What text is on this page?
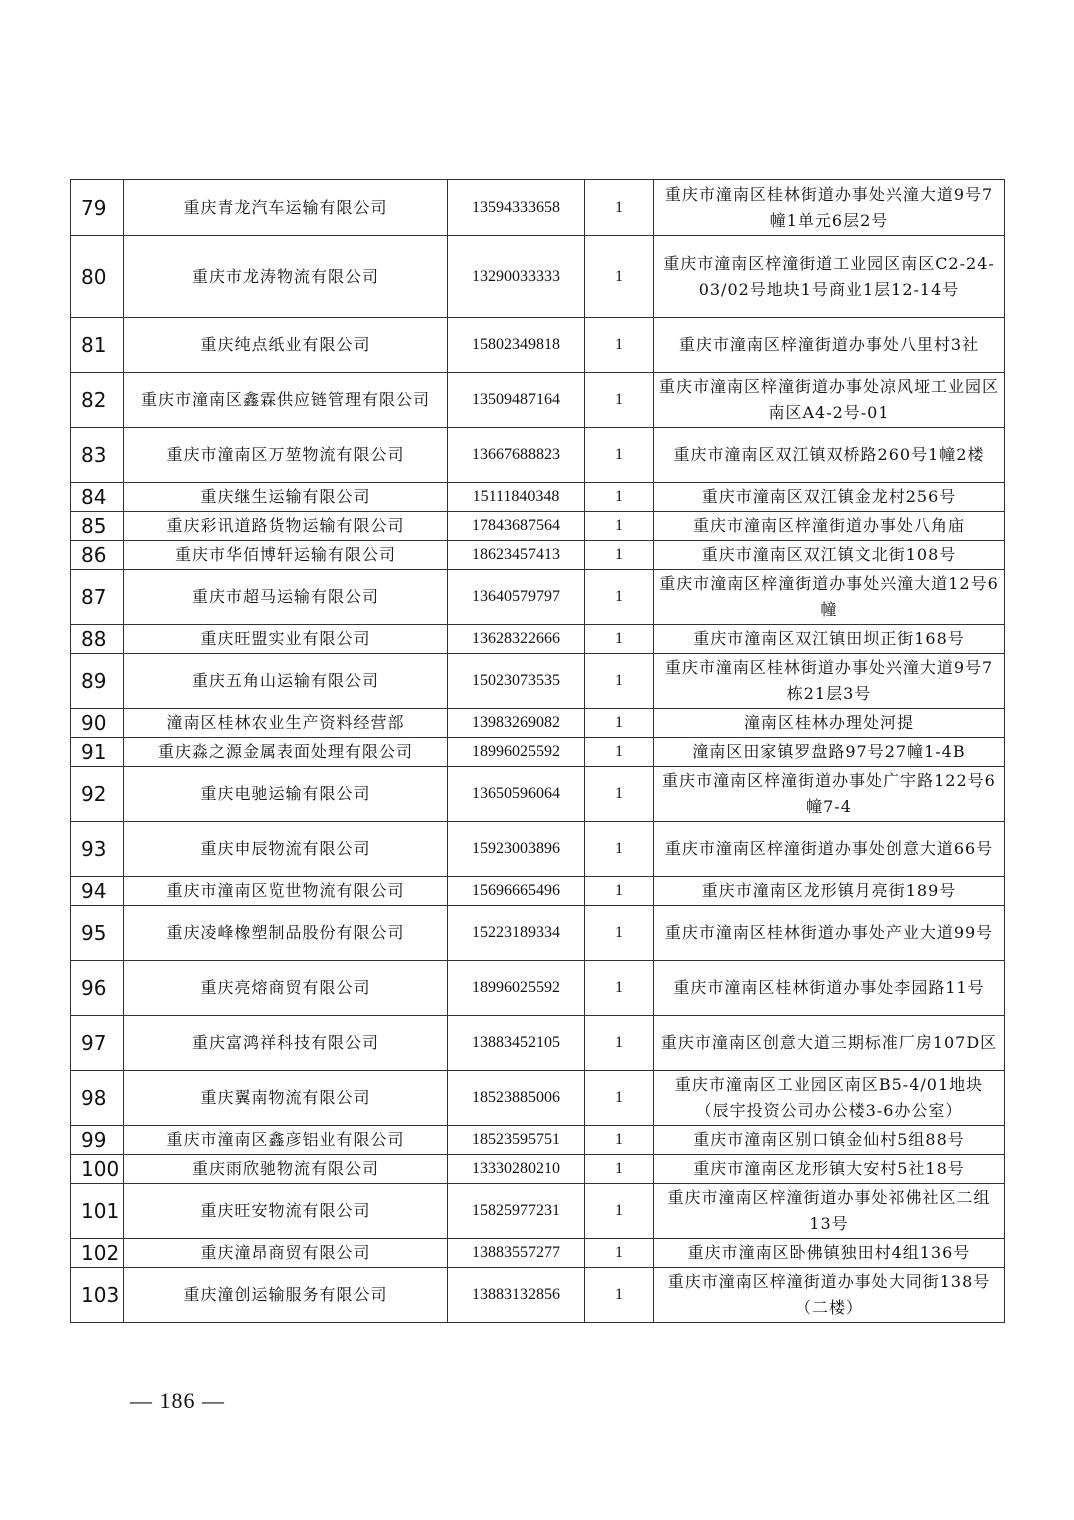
79	重庆青龙汽车运输有限公司	13594333658	1	重庆市潼南区桂林街道办事处兴潼大道9号7幢1单元6层2号
80	重庆市龙涛物流有限公司	13290033333	1	重庆市潼南区梓潼街道工业园区南区C2-24-03/02号地块1号商业1层12-14号
81	重庆纯点纸业有限公司	15802349818	1	重庆市潼南区梓潼街道办事处八里村3社
82	重庆市潼南区鑫霖供应链管理有限公司	13509487164	1	重庆市潼南区梓潼街道办事处凉风垭工业园区南区A4-2号-01
83	重庆市潼南区万堃物流有限公司	13667688823	1	重庆市潼南区双江镇双桥路260号1幢2楼
84	重庆继生运输有限公司	15111840348	1	重庆市潼南区双江镇金龙村256号
85	重庆彩讯道路货物运输有限公司	17843687564	1	重庆市潼南区梓潼街道办事处八角庙
86	重庆市华佰博轩运输有限公司	18623457413	1	重庆市潼南区双江镇文北街108号
87	重庆市超马运输有限公司	13640579797	1	重庆市潼南区梓潼街道办事处兴潼大道12号6幢
88	重庆旺盟实业有限公司	13628322666	1	重庆市潼南区双江镇田坝正街168号
89	重庆五角山运输有限公司	15023073535	1	重庆市潼南区桂林街道办事处兴潼大道9号7栋21层3号
90	潼南区桂林农业生产资料经营部	13983269082	1	潼南区桂林办理处河提
91	重庆淼之源金属表面处理有限公司	18996025592	1	潼南区田家镇罗盘路97号27幢1-4B
92	重庆电驰运输有限公司	13650596064	1	重庆市潼南区梓潼街道办事处广宇路122号6幢7-4
93	重庆申辰物流有限公司	15923003896	1	重庆市潼南区梓潼街道办事处创意大道66号
94	重庆市潼南区览世物流有限公司	15696665496	1	重庆市潼南区龙形镇月亮街189号
95	重庆凌峰橡塑制品股份有限公司	15223189334	1	重庆市潼南区桂林街道办事处产业大道99号
96	重庆亮熔商贸有限公司	18996025592	1	重庆市潼南区桂林街道办事处李园路11号
97	重庆富鸿祥科技有限公司	13883452105	1	重庆市潼南区创意大道三期标准厂房107D区
98	重庆翼南物流有限公司	18523885006	1	重庆市潼南区工业园区南区B5-4/01地块（辰宇投资公司办公楼3-6办公室）
99	重庆市潼南区鑫彦铝业有限公司	18523595751	1	重庆市潼南区别口镇金仙村5组88号
100	重庆雨欣驰物流有限公司	13330280210	1	重庆市潼南区龙形镇大安村5社18号
101	重庆旺安物流有限公司	15825977231	1	重庆市潼南区梓潼街道办事处祁佛社区二组13号
102	重庆潼昂商贸有限公司	13883557277	1	重庆市潼南区卧佛镇独田村4组136号
103	重庆潼创运输服务有限公司	13883132856	1	重庆市潼南区梓潼街道办事处大同街138号（二楼）
— 186 —
